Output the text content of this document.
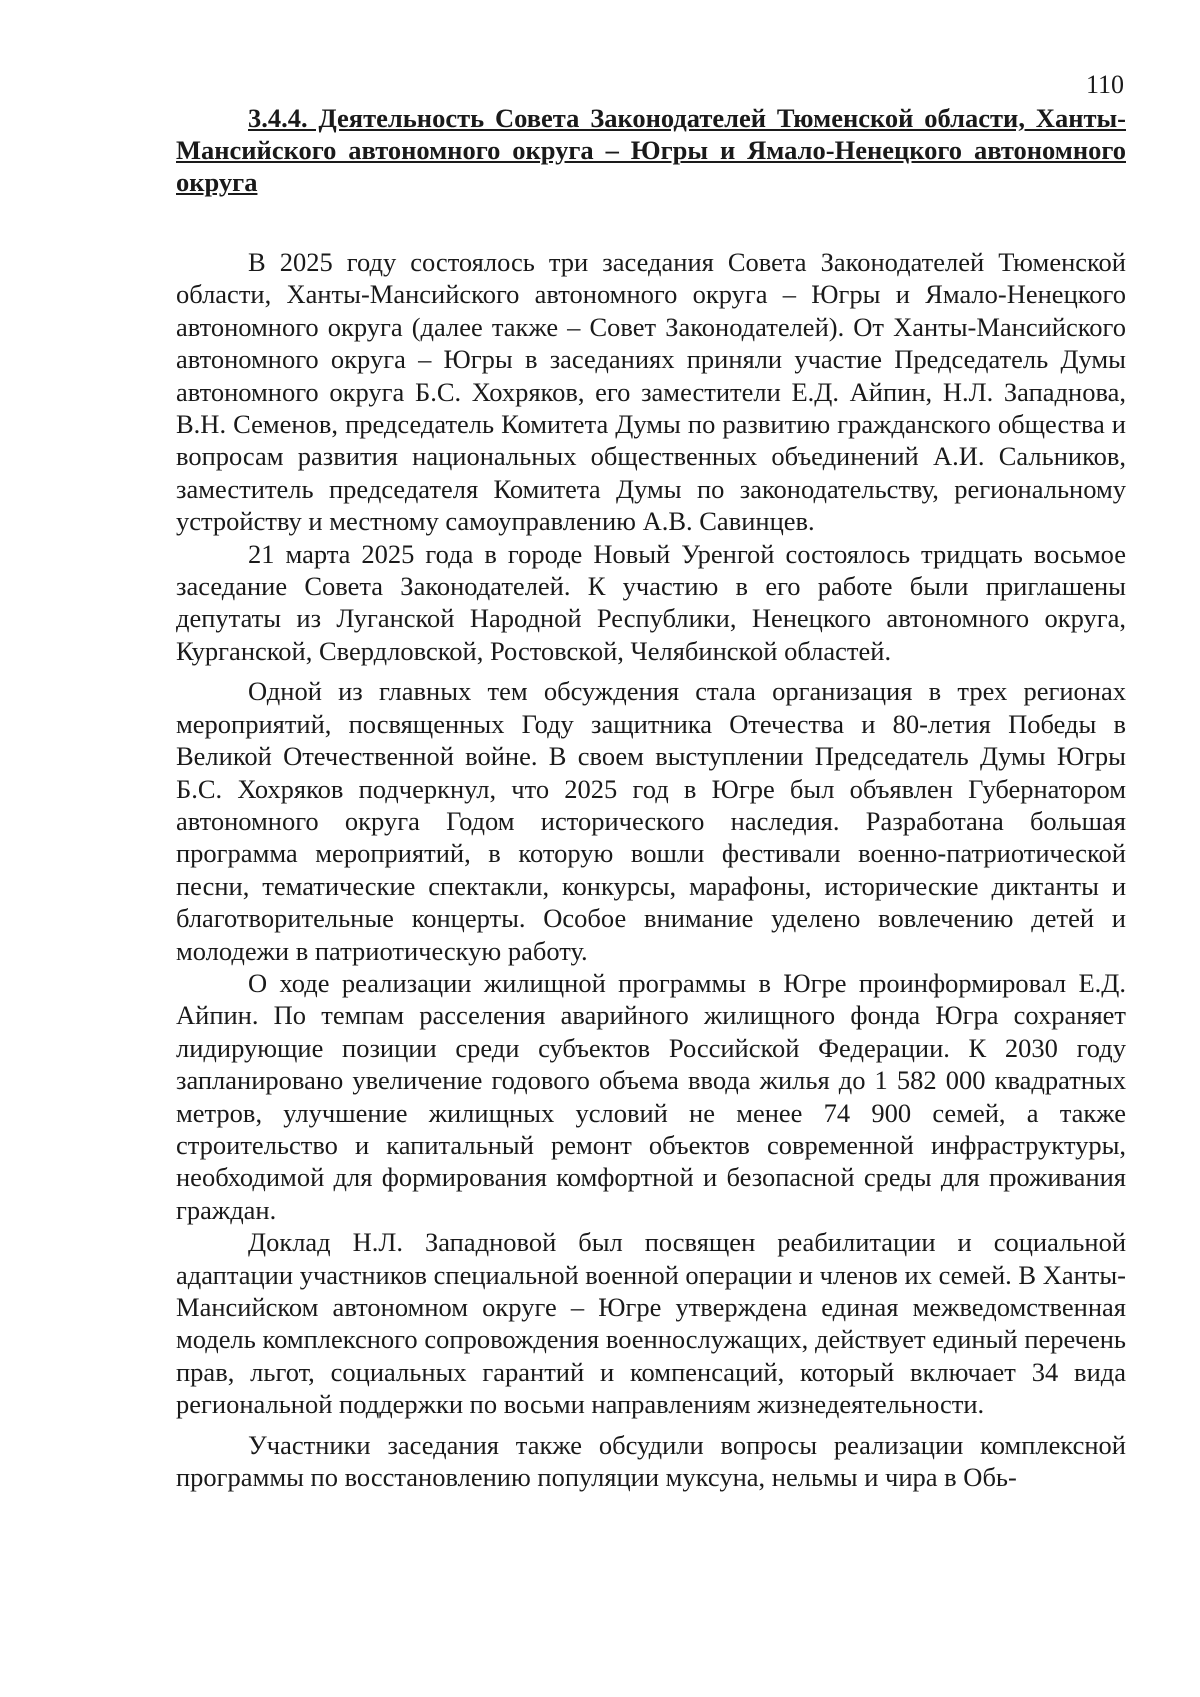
110

3.4.4. Деятельность Совета Законодателей Тюменской области, Ханты-Мансийского автономного округа – Югры и Ямало-Ненецкого автономного округа

В 2025 году состоялось три заседания Совета Законодателей Тюменской области, Ханты-Мансийского автономного округа – Югры и Ямало-Ненецкого автономного округа (далее также – Совет Законодателей). От Ханты-Мансийского автономного округа – Югры в заседаниях приняли участие Председатель Думы автономного округа Б.С. Хохряков, его заместители Е.Д. Айпин, Н.Л. Западнова, В.Н. Семенов, председатель Комитета Думы по развитию гражданского общества и вопросам развития национальных общественных объединений А.И. Сальников, заместитель председателя Комитета Думы по законодательству, региональному устройству и местному самоуправлению А.В. Савинцев.

21 марта 2025 года в городе Новый Уренгой состоялось тридцать восьмое заседание Совета Законодателей. К участию в его работе были приглашены депутаты из Луганской Народной Республики, Ненецкого автономного округа, Курганской, Свердловской, Ростовской, Челябинской областей.

Одной из главных тем обсуждения стала организация в трех регионах мероприятий, посвященных Году защитника Отечества и 80-летия Победы в Великой Отечественной войне. В своем выступлении Председатель Думы Югры Б.С. Хохряков подчеркнул, что 2025 год в Югре был объявлен Губернатором автономного округа Годом исторического наследия. Разработана большая программа мероприятий, в которую вошли фестивали военно-патриотической песни, тематические спектакли, конкурсы, марафоны, исторические диктанты и благотворительные концерты. Особое внимание уделено вовлечению детей и молодежи в патриотическую работу.

О ходе реализации жилищной программы в Югре проинформировал Е.Д. Айпин. По темпам расселения аварийного жилищного фонда Югра сохраняет лидирующие позиции среди субъектов Российской Федерации. К 2030 году запланировано увеличение годового объема ввода жилья до 1 582 000 квадратных метров, улучшение жилищных условий не менее 74 900 семей, а также строительство и капитальный ремонт объектов современной инфраструктуры, необходимой для формирования комфортной и безопасной среды для проживания граждан.

Доклад Н.Л. Западновой был посвящен реабилитации и социальной адаптации участников специальной военной операции и членов их семей. В Ханты-Мансийском автономном округе – Югре утверждена единая межведомственная модель комплексного сопровождения военнослужащих, действует единый перечень прав, льгот, социальных гарантий и компенсаций, который включает 34 вида региональной поддержки по восьми направлениям жизнедеятельности.

Участники заседания также обсудили вопросы реализации комплексной программы по восстановлению популяции муксуна, нельмы и чира в Обь-
